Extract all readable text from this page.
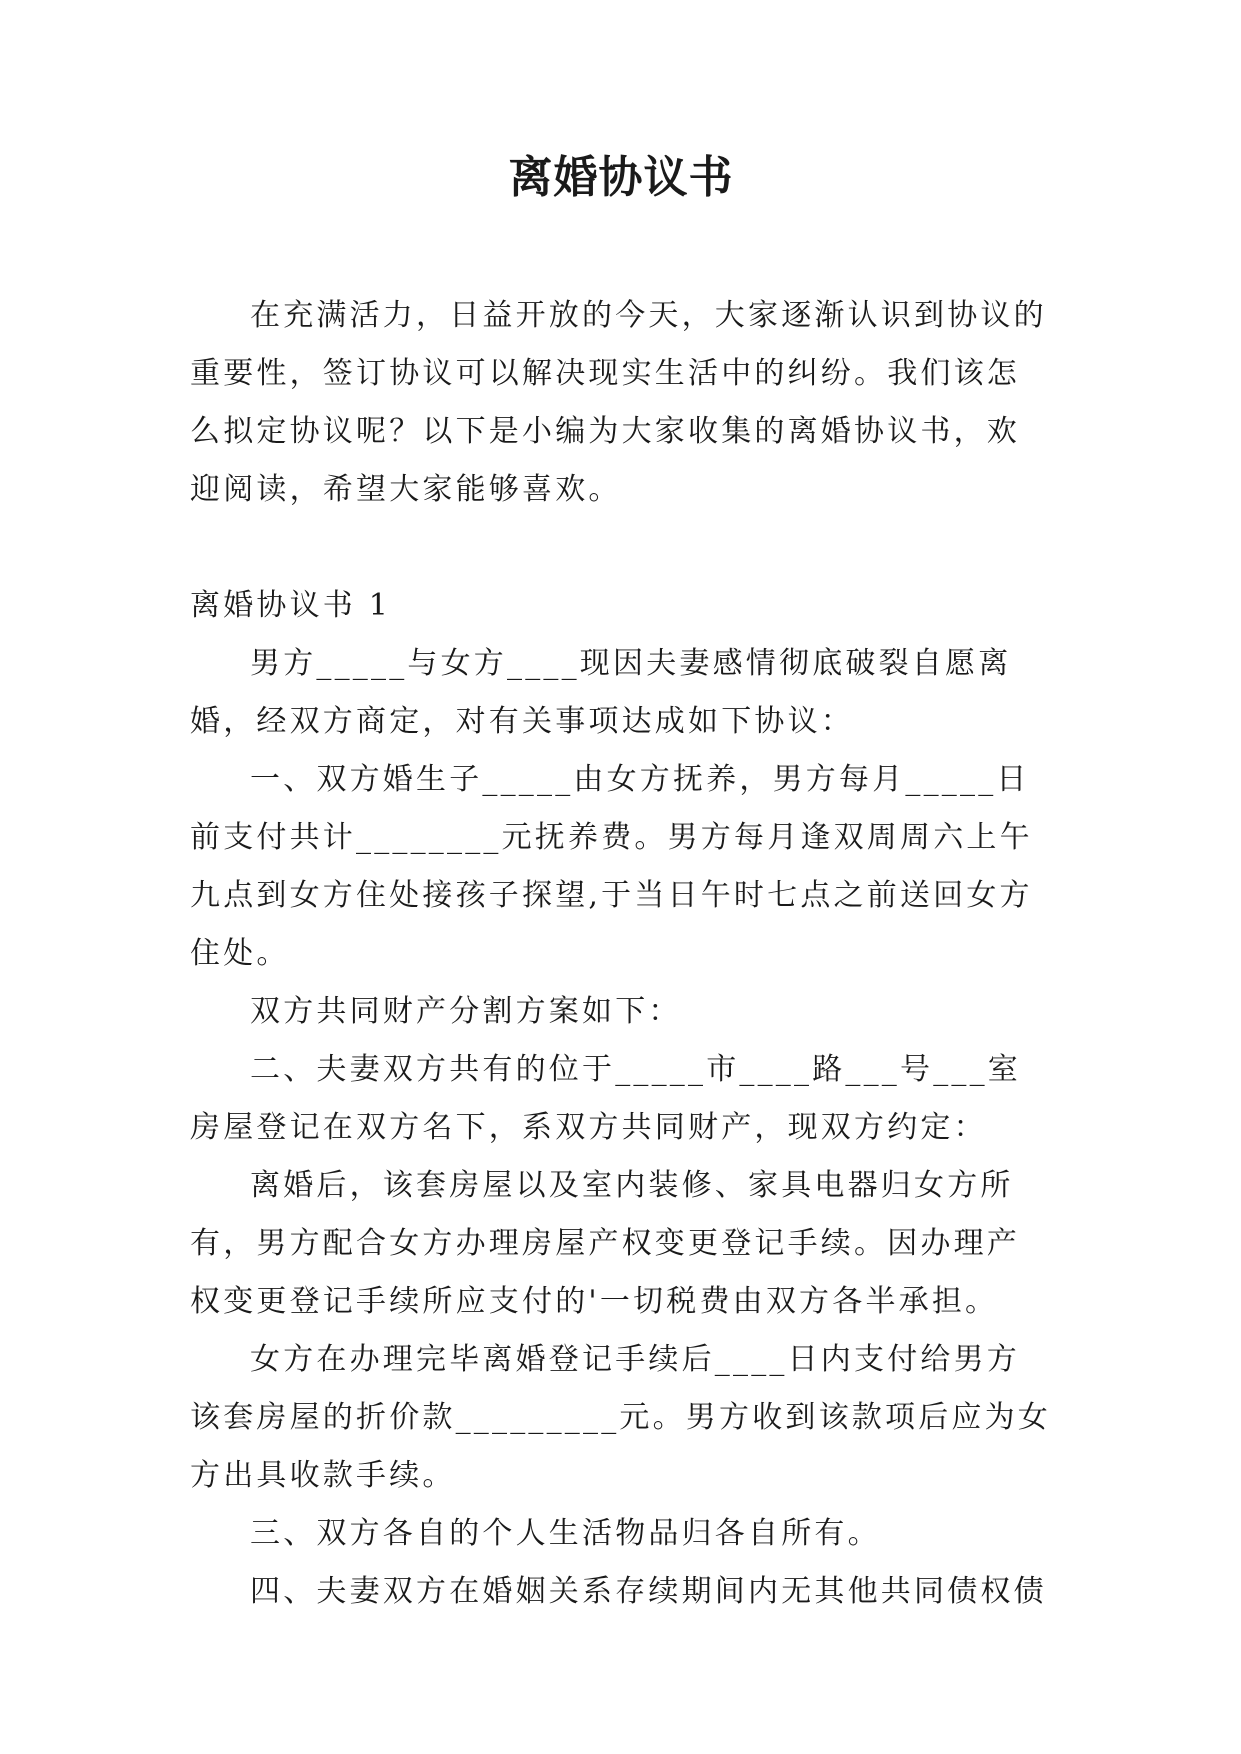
离婚协议书

在充满活力，日益开放的今天，大家逐渐认识到协议的重要性，签订协议可以解决现实生活中的纠纷。我们该怎么拟定协议呢？以下是小编为大家收集的离婚协议书，欢迎阅读，希望大家能够喜欢。

离婚协议书 1

男方_____与女方____现因夫妻感情彻底破裂自愿离婚，经双方商定，对有关事项达成如下协议：

一、双方婚生子_____由女方抚养，男方每月_____日前支付共计________元抚养费。男方每月逢双周周六上午九点到女方住处接孩子探望,于当日午时七点之前送回女方住处。

双方共同财产分割方案如下：

二、夫妻双方共有的位于_____市____路___号___室房屋登记在双方名下，系双方共同财产，现双方约定：

离婚后，该套房屋以及室内装修、家具电器归女方所有，男方配合女方办理房屋产权变更登记手续。因办理产权变更登记手续所应支付的'一切税费由双方各半承担。

女方在办理完毕离婚登记手续后____日内支付给男方该套房屋的折价款_________元。男方收到该款项后应为女方出具收款手续。

三、双方各自的个人生活物品归各自所有。

四、夫妻双方在婚姻关系存续期间内无其他共同债权债
